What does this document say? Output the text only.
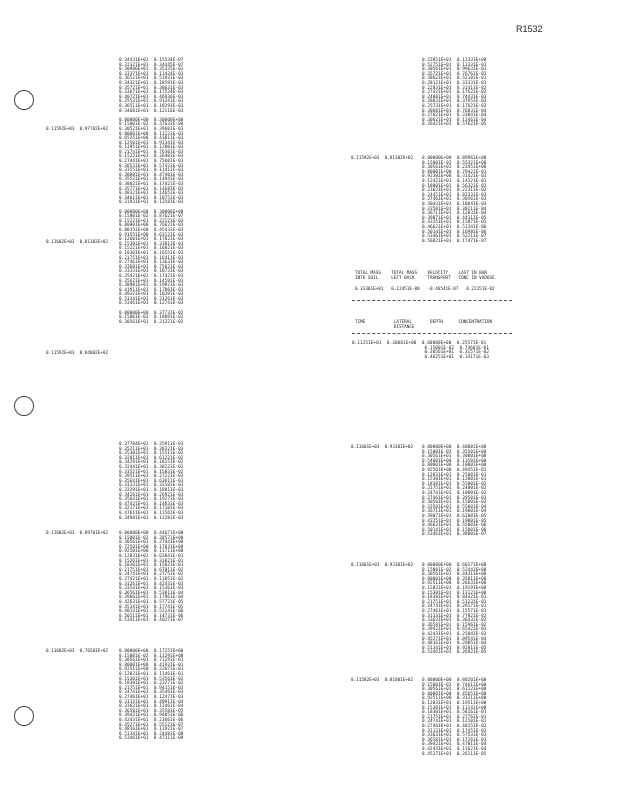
R1532
0.11592E+03  0.97702E+02
0.11602E+03  0.81302E+02
0.11592E+03  0.84802E+02
0.34431E+01  0.15534E-07
0.32321E+01  0.34445E-07
0.30906E+01  0.35335E-03
0.33371E+01  0.11424E-03
0.36521E+01  0.51931E-03
0.34321E+01  0.18591E-03
0.35721E+01  0.38631E-03
0.33671E+01  0.17524E-03
0.40721E+01  0.46936E-03
0.35531E+01  0.91341E-03
0.36511E+01  0.10291E-03
0.34681E+01  0.12116E-03

0.00000E+00  0.30000E+00
0.15001E-02  0.37631E-06
0.30521E+01  0.39601E-03
0.80001E+00  0.11231E-03
0.65251E+00  0.43811E-03
0.12501E+01  0.91341E-03
0.13951E+01  0.12801E-03
0.21741E+01  0.76301E-03
0.15221E+01  0.26401E-03
0.27441E+01  0.75601E-03
0.30531E+01  0.57431E-03
0.33551E+01  0.11411E-03
0.38801E+01  0.47401E-03
0.35521E+01  0.14941E-03
0.38021E+01  0.17421E-03
0.35771E+01  0.14681E-03
0.48321E+01  0.14651E-03
0.34611E+01  0.10751E-03
0.31931E+01  0.12581E-03

0.00000E+00  0.30000E+00
0.15001E-02  0.87621E-07
0.15221E+01  0.22121E-03
0.80001E+00  0.76621E-03
0.80151E+00  0.45431E-03
0.91551E+00  0.63121E-03
0.12601E+01  0.17821E-03
0.15301E+01  0.33811E-03
0.15221E+01  0.16021E-03
0.18301E+01  0.16551E-03
0.21751E+01  0.16411E-03
0.27461E+01  0.13631E-03
0.33681E+01  0.75621E-03
0.33331E+01  0.18731E-03
0.35421E+01  0.17421E-03
0.35621E+01  0.14591E-03
0.38981E+01  0.19921E-03
0.41911E+01  0.17861E-03
0.49321E+01  0.18391E-03
0.51341E+01  0.31261E-03
0.53461E+01  0.12741E-03

0.00000E+00  0.37731E-02
0.15001E-02  0.18891E-02
0.30561E+01  0.21321E-02
0.22851E+01  0.13331E+00
0.52751E+01  0.12331E-01
0.30561E+01  0.99631E-01
0.35721E+01  0.76761E-01
0.38621E+01  0.52101E-01
0.28121E+01  0.33331E-01
0.22831E+01  0.31411E-02
0.27421E+01  0.17621E-02
0.24881E+01  0.74431E-03
0.28831E+01  0.37951E-03
0.25731E+01  0.17621E-03
0.30681E+01  0.76831E-04
0.27621E+01  0.33841E-04
0.30621E+01  0.13461E-04
0.26421E+01  0.57621E-05
0.11592E+03  0.81302E+02 0.00000E+00  0.89961E+00
0.15001E-02  0.55321E+00
0.30561E+01  0.23451E+00
0.80001E+00  0.79421E-01
0.92381E+00  0.31421E-01
0.12421E+01  0.14321E-01
0.18801E+01  0.56321E-02
0.21621E+01  0.22311E-02
0.24451E+01  0.82331E-03
0.27461E+01  0.30561E-03
0.30431E+01  0.10641E-03
0.33501E+01  0.38211E-04
0.36711E+01  0.12831E-04
0.39871E+01  0.44311E-05
0.43251E+01  0.15871E-05
0.46621E+01  0.51341E-06
0.50141E+01  0.16981E-06
0.53461E+01  0.52211E-07
0.56821E+01  0.17471E-07
TOTAL MASS    TOTAL MASS    VELOCITY    LAST IN BAR
INTO SOIL     LEFT BACK     TRANSPORT   CONC IN VADOSE
0.33301E+01   0.12451E-08   -0.46541E-07   0.22351E-02
TIME           LATERAL       DEPTH      CONCENTRATION
DISTANCE
0.11251E+01  0.30001E+00  0.00000E+00  0.25571E-01
0.15001E-02  0.74601E-01
0.30561E+01  0.31571E-02
0.46251E+01  0.14171E-03
0.37704E+01  0.35911E-03
0.35211E+01  0.38321E-03
0.35301E+01  0.15511E-02
0.32011E+01  0.61221E-02
0.34291E+01  0.18151E-02
0.32441E+01  0.38221E-02
0.33521E+01  0.15831E-02
0.39511E+01  0.27221E-03
0.35641E+01  0.63611E-03
0.33131E+01  0.32101E-03
0.32291E+01  0.18011E-03
0.34261E+01  0.26921E-03
0.35641E+01  0.19271E-03
0.47421E+01  0.14831E-03
0.32171E+01  0.17101E-03
0.47611E+01  0.11561E-03
0.34981E+01  0.12281E-03
0.11602E+03  0.89701E+02	0.00000E+00  0.44671E+00
0.15001E-02  0.38571E+00
0.30561E+01  0.27441E+00
0.72501E+00  0.17631E+00
0.92501E+00  0.11711E+00
0.12831E+01  0.63841E-01
0.15261E+01  0.31021E-01
0.18301E+01  0.15021E-01
0.21751E+01  0.67011E-02
0.24741E+01  0.27751E-02
0.27421E+01  0.11051E-02
0.31261E+01  0.42431E-03
0.33541E+01  0.15361E-03
0.36561E+01  0.53811E-04
0.39661E+01  0.17961E-04
0.42631E+01  0.57721E-05
0.45341E+01  0.17741E-05
0.48131E+01  0.52141E-06
0.50211E+01  0.14731E-06
0.53411E+01  0.40271E-07
0.11602E+03  0.76501E+02	0.00000E+00  0.17251E+00
0.15001E-02  0.11291E+00
0.30561E+01  0.71291E-01
0.80001E+00  0.41931E-01
0.92511E+00  0.22671E-01
0.12831E+01  0.11461E-01
0.15301E+01  0.53561E-02
0.18301E+01  0.23271E-02
0.21751E+01  0.94151E-03
0.24741E+01  0.35491E-03
0.27461E+01  0.12471E-03
0.31131E+01  0.40911E-04
0.33631E+01  0.12461E-04
0.36581E+01  0.35581E-05
0.39421E+01  0.94851E-06
0.42431E+01  0.23661E-06
0.45271E+01  0.55121E-07
0.48161E+01  0.11921E-07
0.51341E+01  0.24481E-08
0.53461E+01  0.47311E-09
0.11601E+03  0.93301E+02 0.00000E+00  0.40001E+00
0.15001E-02  0.35501E+00
0.30561E+01  0.30001E+00
0.54001E+00  0.13501E+00
0.80001E+00  0.10001E+00
0.92501E+00  0.49451E-01
0.12831E+01  0.25001E-01
0.15301E+01  0.12001E-01
0.18301E+01  0.55001E-02
0.21751E+01  0.24001E-02
0.24741E+01  0.10001E-02
0.27461E+01  0.39501E-03
0.30561E+01  0.15001E-03
0.33501E+01  0.55001E-04
0.36711E+01  0.19001E-04
0.39871E+01  0.62001E-05
0.43251E+01  0.19001E-05
0.46621E+01  0.55001E-06
0.50141E+01  0.15001E-06
0.53461E+01  0.38001E-07
0.11601E+03  0.93301E+02 0.00000E+00  0.60171E+00
0.15001E-02  0.52441E+00
0.30561E+01  0.44311E+00
0.80001E+00  0.35011E+00
0.92511E+00  0.26631E+00
0.12831E+01  0.19191E+00
0.15301E+01  0.13121E+00
0.18301E+01  0.84421E-01
0.21751E+01  0.51231E-01
0.24741E+01  0.29171E-01
0.27461E+01  0.15571E-01
0.31131E+01  0.77821E-02
0.33631E+01  0.36431E-02
0.36581E+01  0.15961E-02
0.39421E+01  0.65421E-03
0.42431E+01  0.25041E-03
0.45271E+01  0.89541E-04
0.48161E+01  0.29851E-04
0.51341E+01  0.92811E-05
0.53461E+01  0.26921E-05
0.11582E+03  0.81801E+02 0.00000E+00  0.80201E+00
0.15001E-02  0.74611E+00
0.30561E+01  0.61121E+00
0.80001E+00  0.45651E+00
0.92511E+00  0.31211E+00
0.12831E+01  0.19511E+00
0.15301E+01  0.11141E+00
0.18301E+01  0.58161E-01
0.21751E+01  0.27761E-01
0.24741E+01  0.12101E-01
0.27461E+01  0.48151E-02
0.31131E+01  0.17451E-02
0.33631E+01  0.57531E-03
0.36581E+01  0.17261E-03
0.39421E+01  0.47011E-04
0.42431E+01  0.11621E-04
0.45271E+01  0.26111E-05
